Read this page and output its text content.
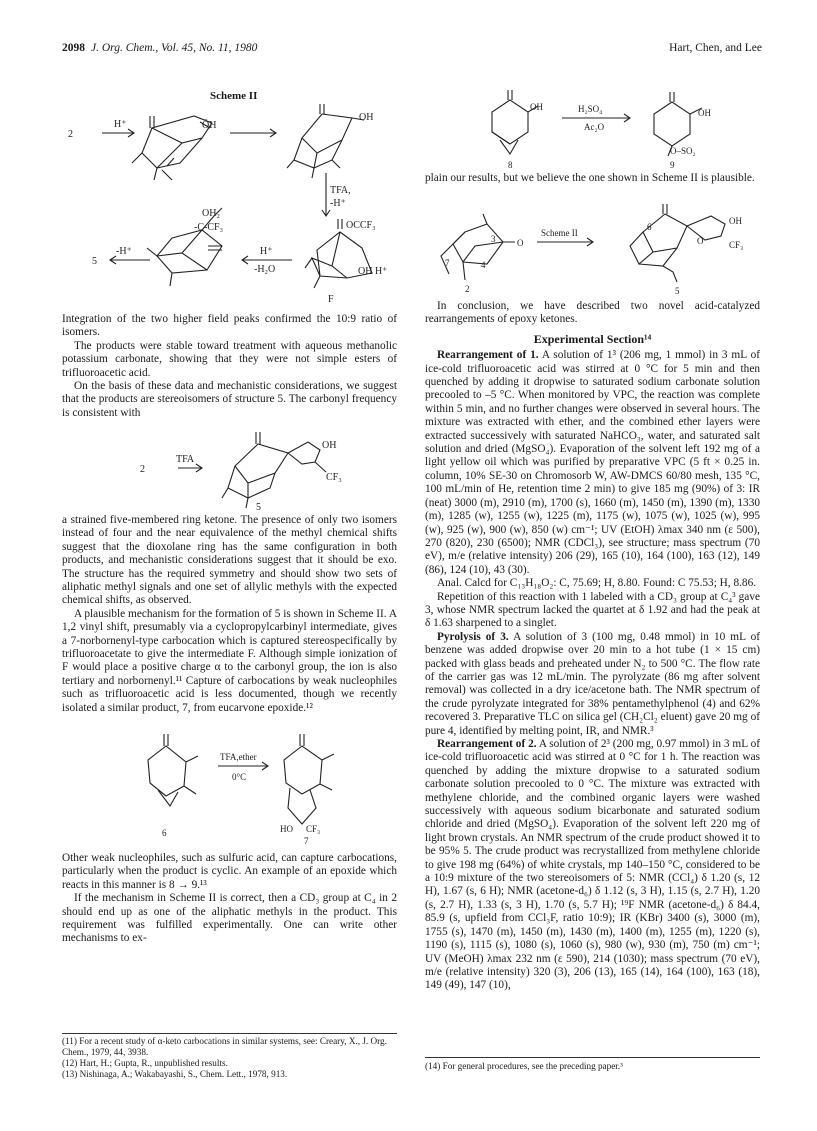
2098 J. Org. Chem., Vol. 45, No. 11, 1980	Hart, Chen, and Lee
Scheme II
2
H⁺	ŌH
OH
TFA,
-H⁺
OCCF₃
OH₂
-C‑CF₃
5
-H⁺	H⁺
-H₂O	OH H⁺
F

Integration of the two higher field peaks confirmed the 10:9 ratio of isomers.

The products were stable toward treatment with aqueous methanolic potassium carbonate, showing that they were not simple esters of trifluoroacetic acid.

On the basis of these data and mechanistic considerations, we suggest that the products are stereoisomers of structure 5. The carbonyl frequency is consistent with

2
TFA
OH
CF₃
5

a strained five-membered ring ketone. The presence of only two isomers instead of four and the near equivalence of the methyl chemical shifts suggest that the dioxolane ring has the same configuration in both products, and mechanistic considerations suggest that it should be exo. The structure has the required symmetry and should show two sets of aliphatic methyl signals and one set of allylic methyls with the expected chemical shifts, as observed.

A plausible mechanism for the formation of 5 is shown in Scheme II. A 1,2 vinyl shift, presumably via a cyclopropylcarbinyl intermediate, gives a 7-norbornenyl-type carbocation which is captured stereospecifically by trifluoroacetate to give the intermediate F. Although simple ionization of F would place a positive charge α to the carbonyl group, the ion is also tertiary and norbornenyl.¹¹ Capture of carbocations by weak nucleophiles such as trifluoroacetic acid is less documented, though we recently isolated a similar product, 7, from eucarvone epoxide.¹²

TFA,ether
0°C
6	HO CF₃
7

Other weak nucleophiles, such as sulfuric acid, can capture carbocations, particularly when the product is cyclic. An example of an epoxide which reacts in this manner is 8 → 9.¹³

If the mechanism in Scheme II is correct, then a CD₃ group at C₄ in 2 should end up as one of the aliphatic methyls in the product. This requirement was fulfilled experimentally. One can write other mechanisms to ex-

(11) For a recent study of α-keto carbocations in similar systems, see: Creary, X., J. Org. Chem., 1979, 44, 3938.
(12) Hart, H.; Gupta, R., unpublished results.
(13) Nishinaga, A.; Wakabayashi, S., Chem. Lett., 1978, 913.
OH	H₂SO₄
Ac₂O
OH
O–SO₂
8	9

plain our results, but we believe the one shown in Scheme II is plausible.

Scheme II
O
3
4
7
2
6
OH
CF₃
O
5

In conclusion, we have described two novel acid-catalyzed rearrangements of epoxy ketones.

Experimental Section¹⁴

Rearrangement of 1. A solution of 1³ (206 mg, 1 mmol) in 3 mL of ice-cold trifluoroacetic acid was stirred at 0 °C for 5 min and then quenched by adding it dropwise to saturated sodium carbonate solution precooled to –5 °C. When monitored by VPC, the reaction was complete within 5 min, and no further changes were observed in several hours. The mixture was extracted with ether, and the combined ether layers were extracted successively with saturated NaHCO₃, water, and saturated salt solution and dried (MgSO₄). Evaporation of the solvent left 192 mg of a light yellow oil which was purified by preparative VPC (5 ft × 0.25 in. column, 10% SE-30 on Chromosorb W, AW-DMCS 60/80 mesh, 135 °C, 100 mL/min of He, retention time 2 min) to give 185 mg (90%) of 3: IR (neat) 3000 (m), 2910 (m), 1700 (s), 1660 (m), 1450 (m), 1390 (m), 1330 (m), 1285 (w), 1255 (w), 1225 (m), 1175 (w), 1075 (w), 1025 (w), 995 (w), 925 (w), 900 (w), 850 (w) cm⁻¹; UV (EtOH) λmax 340 nm (ε 500), 270 (820), 230 (6500); NMR (CDCl₃), see structure; mass spectrum (70 eV), m/e (relative intensity) 206 (29), 165 (10), 164 (100), 163 (12), 149 (86), 124 (10), 43 (30).

Anal. Calcd for C₁₃H₁₈O₂: C, 75.69; H, 8.80. Found: C 75.53; H, 8.86.

Repetition of this reaction with 1 labeled with a CD₃ group at C₄³ gave 3, whose NMR spectrum lacked the quartet at δ 1.92 and had the peak at δ 1.63 sharpened to a singlet.

Pyrolysis of 3. A solution of 3 (100 mg, 0.48 mmol) in 10 mL of benzene was added dropwise over 20 min to a hot tube (1 × 15 cm) packed with glass beads and preheated under N₂ to 500 °C. The flow rate of the carrier gas was 12 mL/min. The pyrolyzate (86 mg after solvent removal) was collected in a dry ice/acetone bath. The NMR spectrum of the crude pyrolyzate integrated for 38% pentamethylphenol (4) and 62% recovered 3. Preparative TLC on silica gel (CH₂Cl₂ eluent) gave 20 mg of pure 4, identified by melting point, IR, and NMR.³

Rearrangement of 2. A solution of 2³ (200 mg, 0.97 mmol) in 3 mL of ice-cold trifluoroacetic acid was stirred at 0 °C for 1 h. The reaction was quenched by adding the mixture dropwise to a saturated sodium carbonate solution precooled to 0 °C. The mixture was extracted with methylene chloride, and the combined organic layers were washed successively with aqueous sodium bicarbonate and saturated sodium chloride and dried (MgSO₄). Evaporation of the solvent left 220 mg of light brown crystals. An NMR spectrum of the crude product showed it to be 95% 5. The crude product was recrystallized from methylene chloride to give 198 mg (64%) of white crystals, mp 140–150 °C, considered to be a 10:9 mixture of the two stereoisomers of 5: NMR (CCl₄) δ 1.20 (s, 12 H), 1.67 (s, 6 H); NMR (acetone-d₆) δ 1.12 (s, 3 H), 1.15 (s, 2.7 H), 1.20 (s, 2.7 H), 1.33 (s, 3 H), 1.70 (s, 5.7 H); ¹⁹F NMR (acetone-d₆) δ 84.4, 85.9 (s, upfield from CCl₃F, ratio 10:9); IR (KBr) 3400 (s), 3000 (m), 1755 (s), 1470 (m), 1450 (m), 1430 (m), 1400 (m), 1255 (m), 1220 (s), 1190 (s), 1115 (s), 1080 (s), 1060 (s), 980 (w), 930 (m), 750 (m) cm⁻¹; UV (MeOH) λmax 232 nm (ε 590), 214 (1030); mass spectrum (70 eV), m/e (relative intensity) 320 (3), 206 (13), 165 (14), 164 (100), 163 (18), 149 (49), 147 (10),

(14) For general procedures, see the preceding paper.³
